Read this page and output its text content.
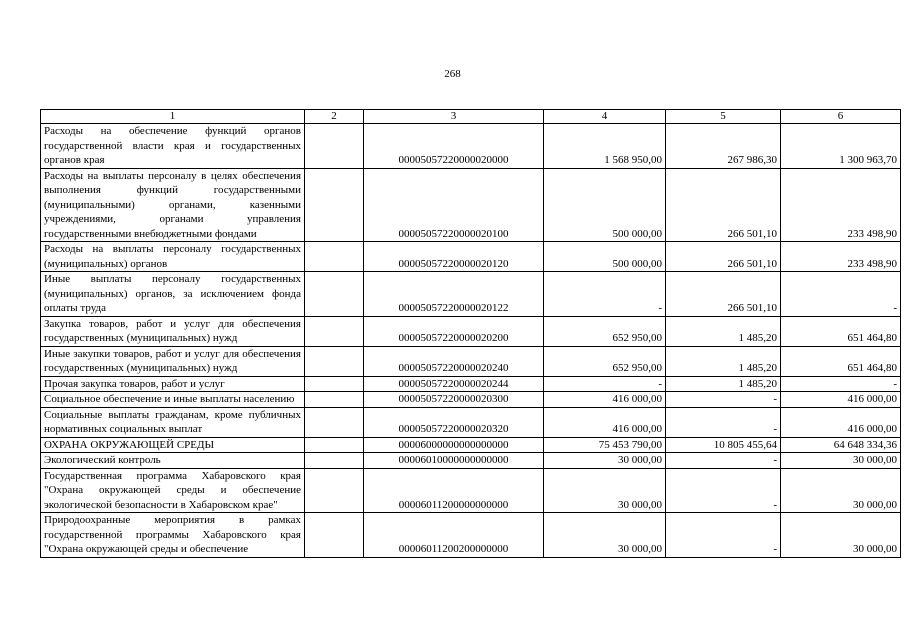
268
1	2	3	4	5	6
Расходы на обеспечение функций органов государственной власти края и государственных органов края		00005057220000020000	1 568 950,00	267 986,30	1 300 963,70
Расходы на выплаты персоналу в целях обеспечения выполнения функций государственными (муниципальными) органами, казенными учреждениями, органами управления государственными внебюджетными фондами		00005057220000020100	500 000,00	266 501,10	233 498,90
Расходы на выплаты персоналу государственных (муниципальных) органов		00005057220000020120	500 000,00	266 501,10	233 498,90
Иные выплаты персоналу государственных (муниципальных) органов, за исключением фонда оплаты труда		00005057220000020122	-	266 501,10	-
Закупка товаров, работ и услуг для обеспечения государственных (муниципальных) нужд		00005057220000020200	652 950,00	1 485,20	651 464,80
Иные закупки товаров, работ и услуг для обеспечения государственных (муниципальных) нужд		00005057220000020240	652 950,00	1 485,20	651 464,80
Прочая закупка товаров, работ и услуг		00005057220000020244	-	1 485,20	-
Социальное обеспечение и иные выплаты населению		00005057220000020300	416 000,00	-	416 000,00
Социальные выплаты гражданам, кроме публичных нормативных социальных выплат		00005057220000020320	416 000,00	-	416 000,00
ОХРАНА ОКРУЖАЮЩЕЙ СРЕДЫ		00006000000000000000	75 453 790,00	10 805 455,64	64 648 334,36
Экологический контроль		00006010000000000000	30 000,00	-	30 000,00
Государственная программа Хабаровского края "Охрана окружающей среды и обеспечение экологической безопасности в Хабаровском крае"		00006011200000000000	30 000,00	-	30 000,00
Природоохранные мероприятия в рамках государственной программы Хабаровского края "Охрана окружающей среды и обеспечение		00006011200200000000	30 000,00	-	30 000,00
